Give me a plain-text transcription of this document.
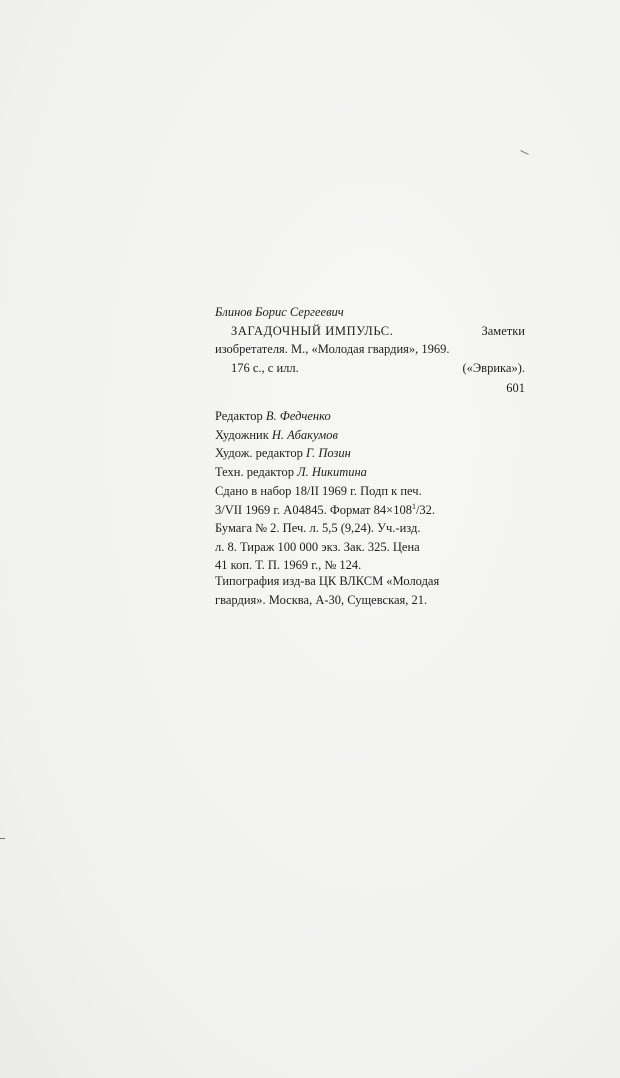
Блинов Борис Сергеевич
ЗАГАДОЧНЫЙ ИМПУЛЬС.	Заметки
изобретателя. М., «Молодая гвардия», 1969.
176 с., с илл.	(«Эврика»).
601
Редактор В. Федченко
Художник Н. Абакумов
Худож. редактор Г. Позин
Техн. редактор Л. Никитина
Сдано в набор 18/II 1969 г. Подп к печ.
3/VII 1969 г. А04845. Формат $84\times 108^1/32$.
Бумага № 2. Печ. л. 5,5 (9,24). Уч.-изд.
л. 8. Тираж 100 000 экз. Зак. 325. Цена
41 коп. Т. П. 1969 г., № 124.
Типография изд-ва ЦК ВЛКСМ «Молодая
гвардия». Москва, А-30, Сущевская, 21.
